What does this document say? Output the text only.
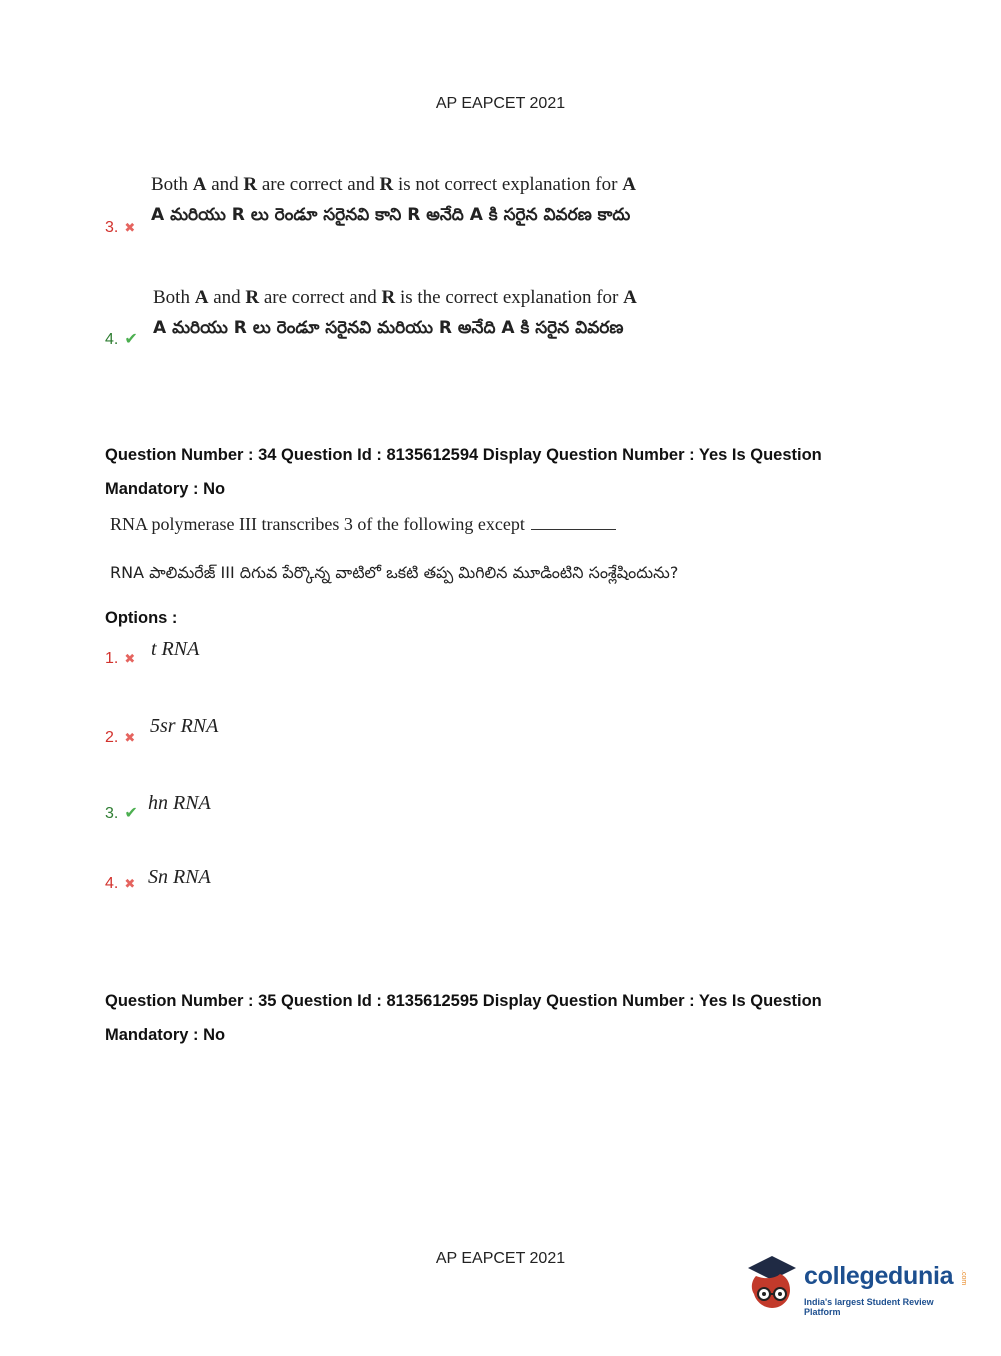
AP EAPCET 2021
3. ✖
Both A and R are correct and R is not correct explanation for A
A మరియు R లు రెండూ సరైనవి కాని R అనేది A కి సరైన వివరణ కాదు
4. ✔
Both A and R are correct and R is the correct explanation for A
A మరియు R లు రెండూ సరైనవి మరియు R అనేది A కి సరైన వివరణ
Question Number : 34 Question Id : 8135612594 Display Question Number : Yes Is Question
Mandatory : No
RNA polymerase III transcribes 3 of the following except
RNA పాలిమరేజ్ III దిగువ పేర్కొన్న వాటిలో ఒకటి తప్ప మిగిలిన మూడింటిని సంశ్లేషిందును?
Options :
1. ✖ t RNA
2. ✖
5sr RNA
3. ✔ hn RNA
4. ✖ Sn RNA
Question Number : 35 Question Id : 8135612595 Display Question Number : Yes Is Question
Mandatory : No
AP EAPCET 2021
collegedunia
India's largest Student Review Platform
.com
